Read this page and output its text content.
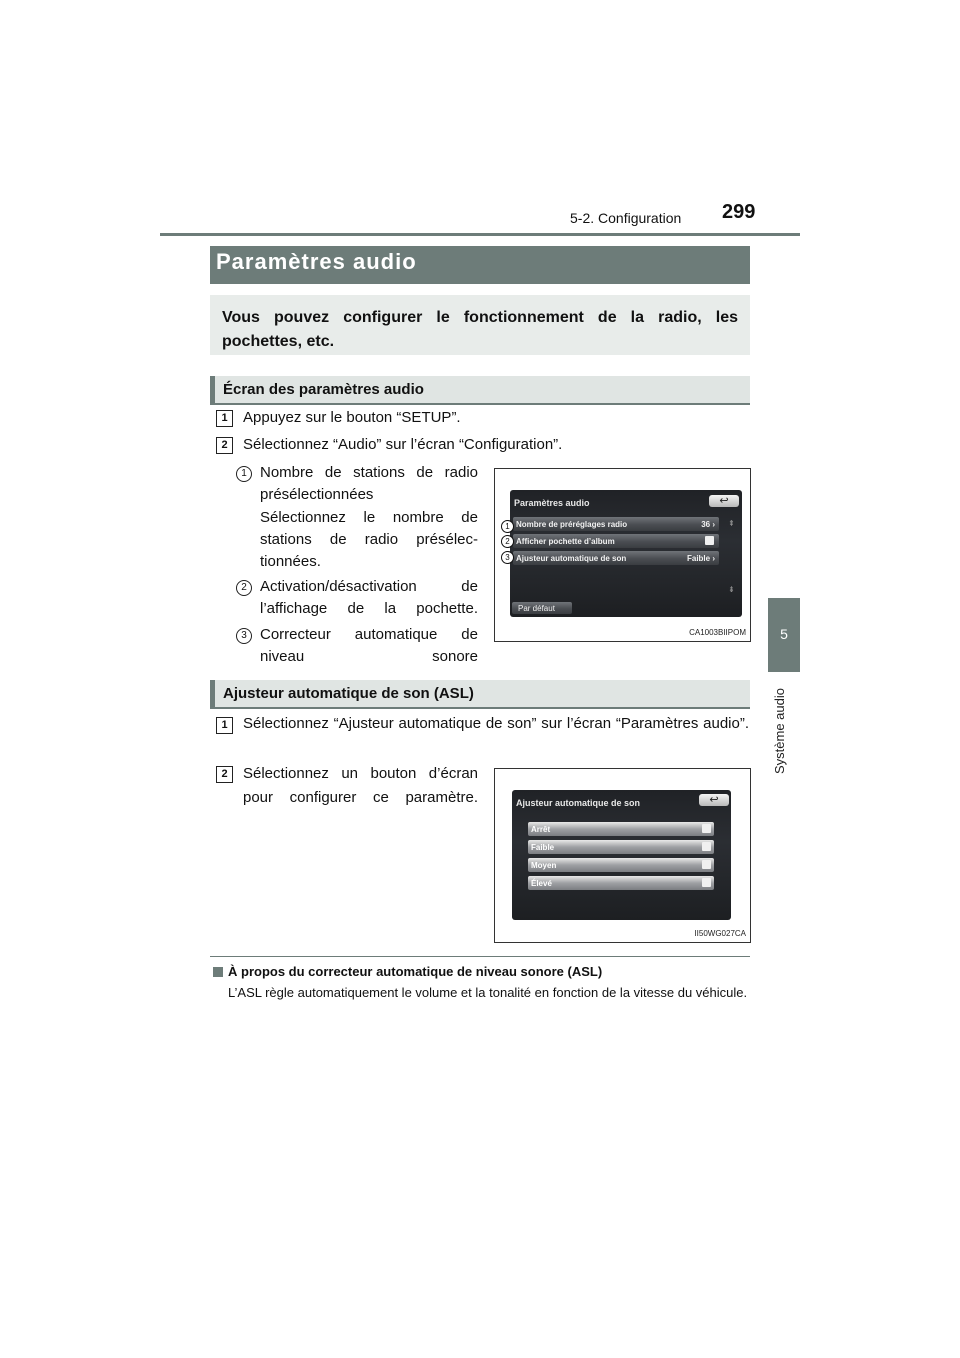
5-2. Configuration 299
5
Système audio
Paramètres audio
Vous pouvez configurer le fonctionnement de la radio, les pochettes, etc.
Écran des paramètres audio
1	Appuyez sur le bouton “SETUP”.
2	Sélectionnez “Audio” sur l’écran “Configuration”.
1 Nombre de stations de radio présélectionnées
Sélectionnez le nombre de stations de radio présélectionnées.
2 Activation/désactivation de l’affichage de la pochette.
3 Correcteur automatique de niveau sonore
Paramètres audio	↩
Nombre de préréglages radio	36 ›
Afficher pochette d’album
Ajusteur automatique de son	Faible ›
⇞
⇟
Par défaut
1
2
3
CA1003BIIPOM
Ajusteur automatique de son (ASL)
1	Sélectionnez “Ajusteur automatique de son” sur l’écran “Paramètres audio”.
2	Sélectionnez un bouton d’écran pour configurer ce paramètre.	Ajusteur automatique de son	↩
Arrêt
Faible
Moyen
Élevé
II50WG027CA
À propos du correcteur automatique de niveau sonore (ASL)
L’ASL règle automatiquement le volume et la tonalité en fonction de la vitesse du véhicule.
